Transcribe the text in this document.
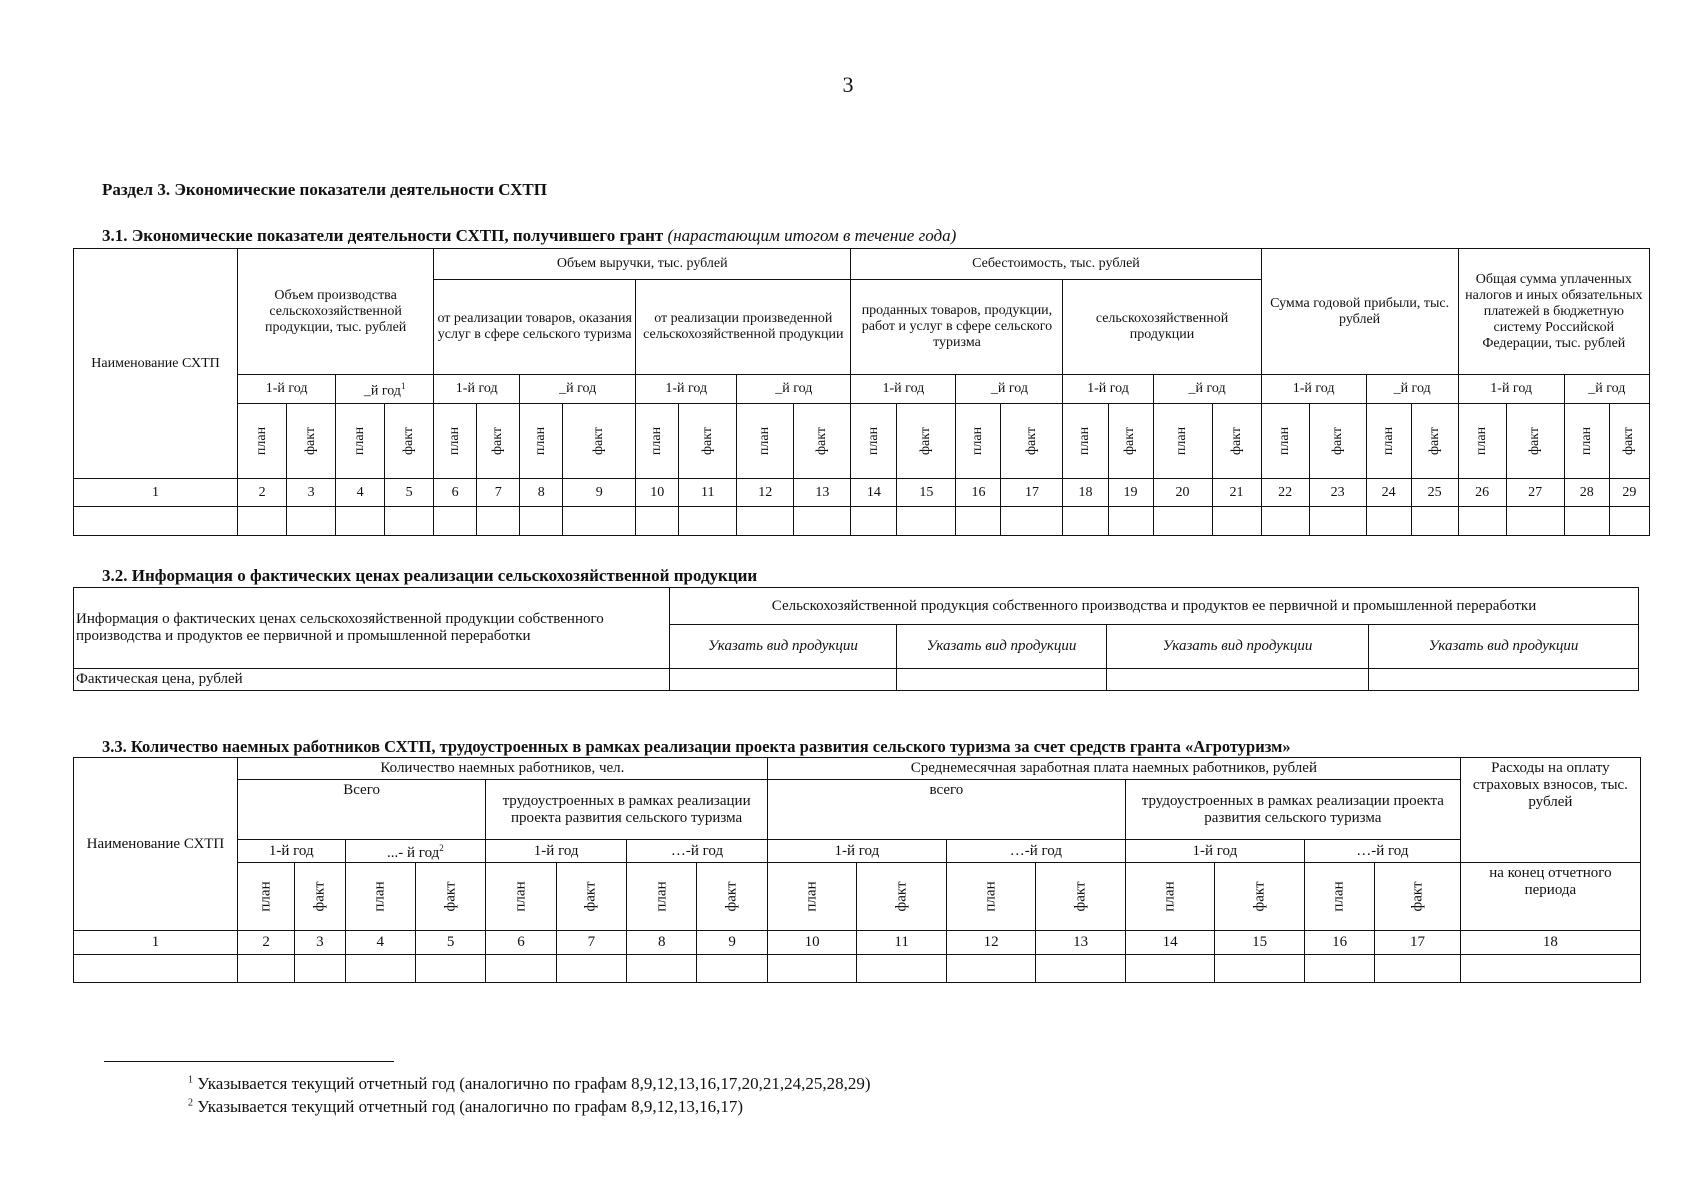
3
Раздел 3. Экономические показатели деятельности СХТП
3.1. Экономические показатели деятельности СХТП, получившего грант (нарастающим итогом в течение года)
Наименование СХТП	Объем производства сельскохозяйственной продукции, тыс. рублей				Объем выручки, тыс. рублей								Себестоимость, тыс. рублей								Сумма годовой прибыли, тыс. рублей				Общая сумма уплаченных налогов и иных обязательных платежей в бюджетную систему Российской Федерации, тыс. рублей			
					от реализации товаров, оказания услуг в сфере сельского туризма				от реализации произведенной сельскохозяйственной продукции				проданных товаров, продукции, работ и услуг в сфере сельского туризма				сельскохозяйственной продукции											
	1-й год		_й год$^1$		1-й год		_й год		1-й год		_й год		1-й год		_й год		1-й год		_й год		1-й год		_й год		1-й год		_й год	
	план	факт	план	факт	план	факт	план	факт	план	факт	план	факт	план	факт	план	факт	план	факт	план	факт	план	факт	план	факт	план	факт	план	факт
1	2	3	4	5	6	7	8	9	10	11	12	13	14	15	16	17	18	19	20	21	22	23	24	25	26	27	28	29

3.2. Информация о фактических ценах реализации сельскохозяйственной продукции
Информация о фактических ценах сельскохозяйственной продукции собственного производства и продуктов ее первичной и промышленной переработки	Сельскохозяйственной продукция собственного производства и продуктов ее первичной и промышленной переработки			
	Указать вид продукции	Указать вид продукции	Указать вид продукции	Указать вид продукции
Фактическая цена, рублей				
3.3. Количество наемных работников СХТП, трудоустроенных в рамках реализации проекта развития сельского туризма за счет средств гранта «Агротуризм»
Наименование СХТП	Количество наемных работников, чел.								Среднемесячная заработная плата наемных работников, рублей								Расходы на оплату страховых взносов, тыс. рублей
	Всего				трудоустроенных в рамках реализации проекта развития сельского туризма				всего				трудоустроенных в рамках реализации проекта развития сельского туризма				
	1-й год		...- й год$^2$		1-й год		…-й год		1-й год		…-й год		1-й год		…-й год		
	план	факт	план	факт	план	факт	план	факт	план	факт	план	факт	план	факт	план	факт	на конец отчетного периода
1	2	3	4	5	6	7	8	9	10	11	12	13	14	15	16	17	18

$^1$ Указывается текущий отчетный год (аналогично по графам 8,9,12,13,16,17,20,21,24,25,28,29)
$^2$ Указывается текущий отчетный год (аналогично по графам 8,9,12,13,16,17)
